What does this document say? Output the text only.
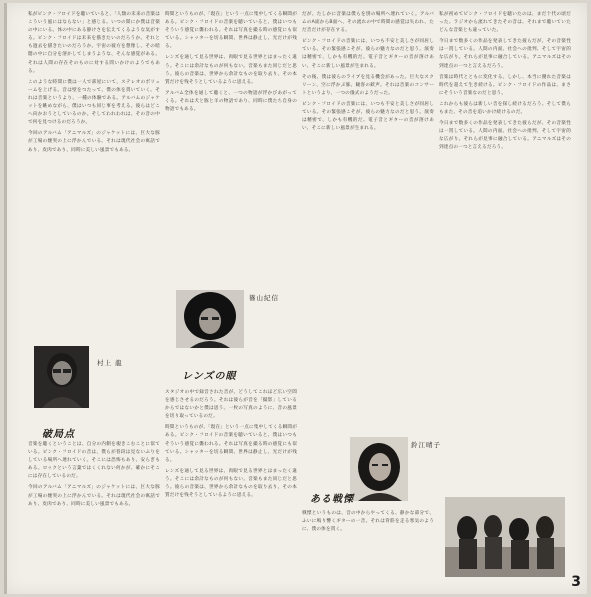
私がピンク・フロイドを聴いていると、「人類の未来の音楽はこういう風にはならない」と感じる。いつの間にか僕は音楽の中にいる。体の中にある静けさを伝えてくるような気がする。ピンク・フロイドは未来を描きたいのだろうか。それとも過去を描きたいのだろうか。宇宙の彼方を想像し、その暗闇の中に自分を溶かしてしまうような、そんな感覚がある。それは人間の存在そのものに対する問いかけのようでもある。

このような時間に僕は一人で部屋にいて、ステレオのボリュームを上げる。音は壁をつたって、僕の体を貫いていく。それは音楽というより、一種の体験である。アルバムのジャケットを眺めながら、僕はいつも同じ事を考える。彼らはどこへ向かおうとしているのか。そしてわれわれは、その音の中で何を見つけるのだろうか。

今回のアルバム「アニマルズ」のジャケットには、巨大な豚が工場の煙突の上に浮かんでいる。それは現代社会の寓話であり、皮肉であり、同時に美しい風景でもある。

音楽を聴くということは、自分の内側を覗きこむことに似ている。ピンク・フロイドの音は、僕らが普段は見ないふりをしている場所へ連れていく。そこには恐怖もあり、安らぎもある。ロックという言葉ではくくれない何かが、確かにそこには存在しているのだ。

今回のアルバム「アニマルズ」のジャケットには、巨大な豚が工場の煙突の上に浮かんでいる。それは現代社会の寓話であり、皮肉であり、同時に美しい風景でもある。

村上 龍
破局点

時間というものが、「現在」という一点に集中してくる瞬間がある。ピンク・フロイドの音楽を聴いていると、僕はいつもそういう感覚に襲われる。それは写真を撮る時の感覚にも似ている。シャッターを切る瞬間、世界は静止し、光だけが残る。

レンズを通して見る世界は、肉眼で見る世界とはまったく違う。そこには余計なものが何もない。音楽もまた同じだと思う。彼らの音楽は、世界から余計なものを取り去り、その本質だけを残そうとしているように思える。

アルバム全体を通して聴くと、一つの物語が浮かびあがってくる。それは犬と豚と羊の物語であり、同時に僕たち自身の物語でもある。

篠山紀信
レンズの眼

スタジオの中で録音された音が、どうしてこれほど広い空間を感じさせるのだろう。それは彼らが音を「撮影」しているからではないかと僕は思う。一枚の写真のように、音の風景を切り取っているのだ。

時間というものが、「現在」という一点に集中してくる瞬間がある。ピンク・フロイドの音楽を聴いていると、僕はいつもそういう感覚に襲われる。それは写真を撮る時の感覚にも似ている。シャッターを切る瞬間、世界は静止し、光だけが残る。

レンズを通して見る世界は、肉眼で見る世界とはまったく違う。そこには余計なものが何もない。音楽もまた同じだと思う。彼らの音楽は、世界から余計なものを取り去り、その本質だけを残そうとしているように思える。

だが、たしかに音楽は僕らを別の場所へ連れていく。アルバムのA面からB面へ、その流れの中で時間の感覚は失われ、ただ音だけが存在する。

ピンク・フロイドの音楽には、いつも不安と美しさが同居している。その緊張感こそが、彼らの魅力なのだと思う。演奏は精密で、しかも有機的だ。電子音とギターの音が溶けあい、そこに新しい風景が生まれる。

その後、僕は彼らのライブを見る機会があった。巨大なスクリーン、空に浮かぶ豚、観客の歓声。それは音楽のコンサートというより、一つの儀式のようだった。

ピンク・フロイドの音楽には、いつも不安と美しさが同居している。その緊張感こそが、彼らの魅力なのだと思う。演奏は精密で、しかも有機的だ。電子音とギターの音が溶けあい、そこに新しい風景が生まれる。

鈴江晴子
ある戦慄

戦慄というものは、音の中からやってくる。静かな部分で、ふいに鳴り響くギターの一音。それは背筋を走る寒気のように、僕の体を貫く。

私が初めてピンク・フロイドを聴いたのは、まだ十代の頃だった。ラジオから流れてきたその音は、それまで聴いていたどんな音楽とも違っていた。

今日まで数多くの作品を発表してきた彼らだが、その音楽性は一貫している。人間の内面、社会への批判、そして宇宙的な広がり。それらが見事に融合している。アニマルズはその到達点の一つと言えるだろう。

音楽は時代とともに変化する。しかし、本当に優れた音楽は時代を超えて生き続ける。ピンク・フロイドの作品は、まさにそういう音楽なのだと思う。

これからも彼らは新しい音を探し続けるだろう。そして僕らもまた、その音を追いかけ続けるのだ。

今日まで数多くの作品を発表してきた彼らだが、その音楽性は一貫している。人間の内面、社会への批判、そして宇宙的な広がり。それらが見事に融合している。アニマルズはその到達点の一つと言えるだろう。

3
